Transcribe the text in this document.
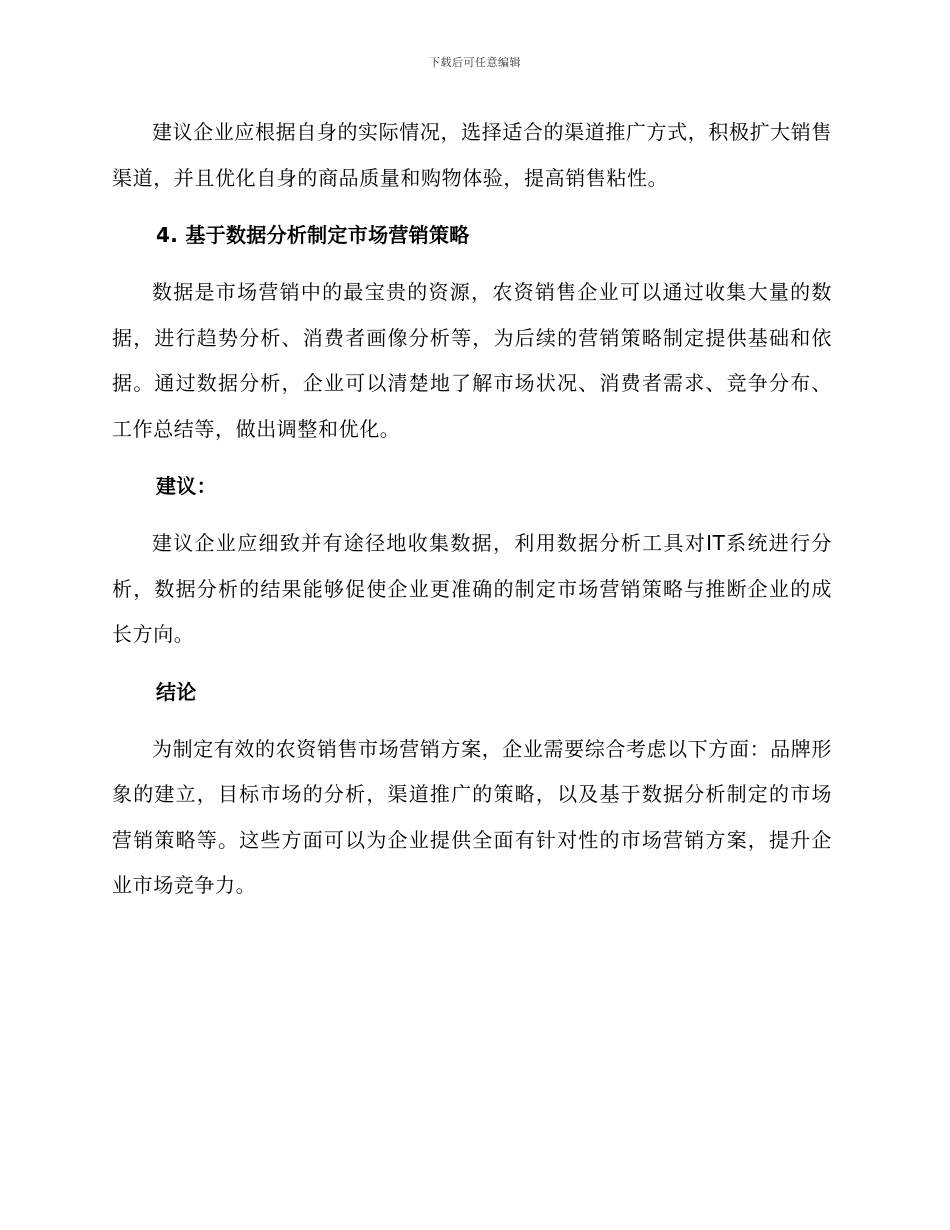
下载后可任意编辑

建议企业应根据自身的实际情况，选择适合的渠道推广方式，积极扩大销售渠道，并且优化自身的商品质量和购物体验，提高销售粘性。

4. 基于数据分析制定市场营销策略

数据是市场营销中的最宝贵的资源，农资销售企业可以通过收集大量的数据，进行趋势分析、消费者画像分析等，为后续的营销策略制定提供基础和依据。通过数据分析，企业可以清楚地了解市场状况、消费者需求、竞争分布、工作总结等，做出调整和优化。

建议：

建议企业应细致并有途径地收集数据，利用数据分析工具对IT系统进行分析，数据分析的结果能够促使企业更准确的制定市场营销策略与推断企业的成长方向。

结论

为制定有效的农资销售市场营销方案，企业需要综合考虑以下方面：品牌形象的建立，目标市场的分析，渠道推广的策略，以及基于数据分析制定的市场营销策略等。这些方面可以为企业提供全面有针对性的市场营销方案，提升企业市场竞争力。
